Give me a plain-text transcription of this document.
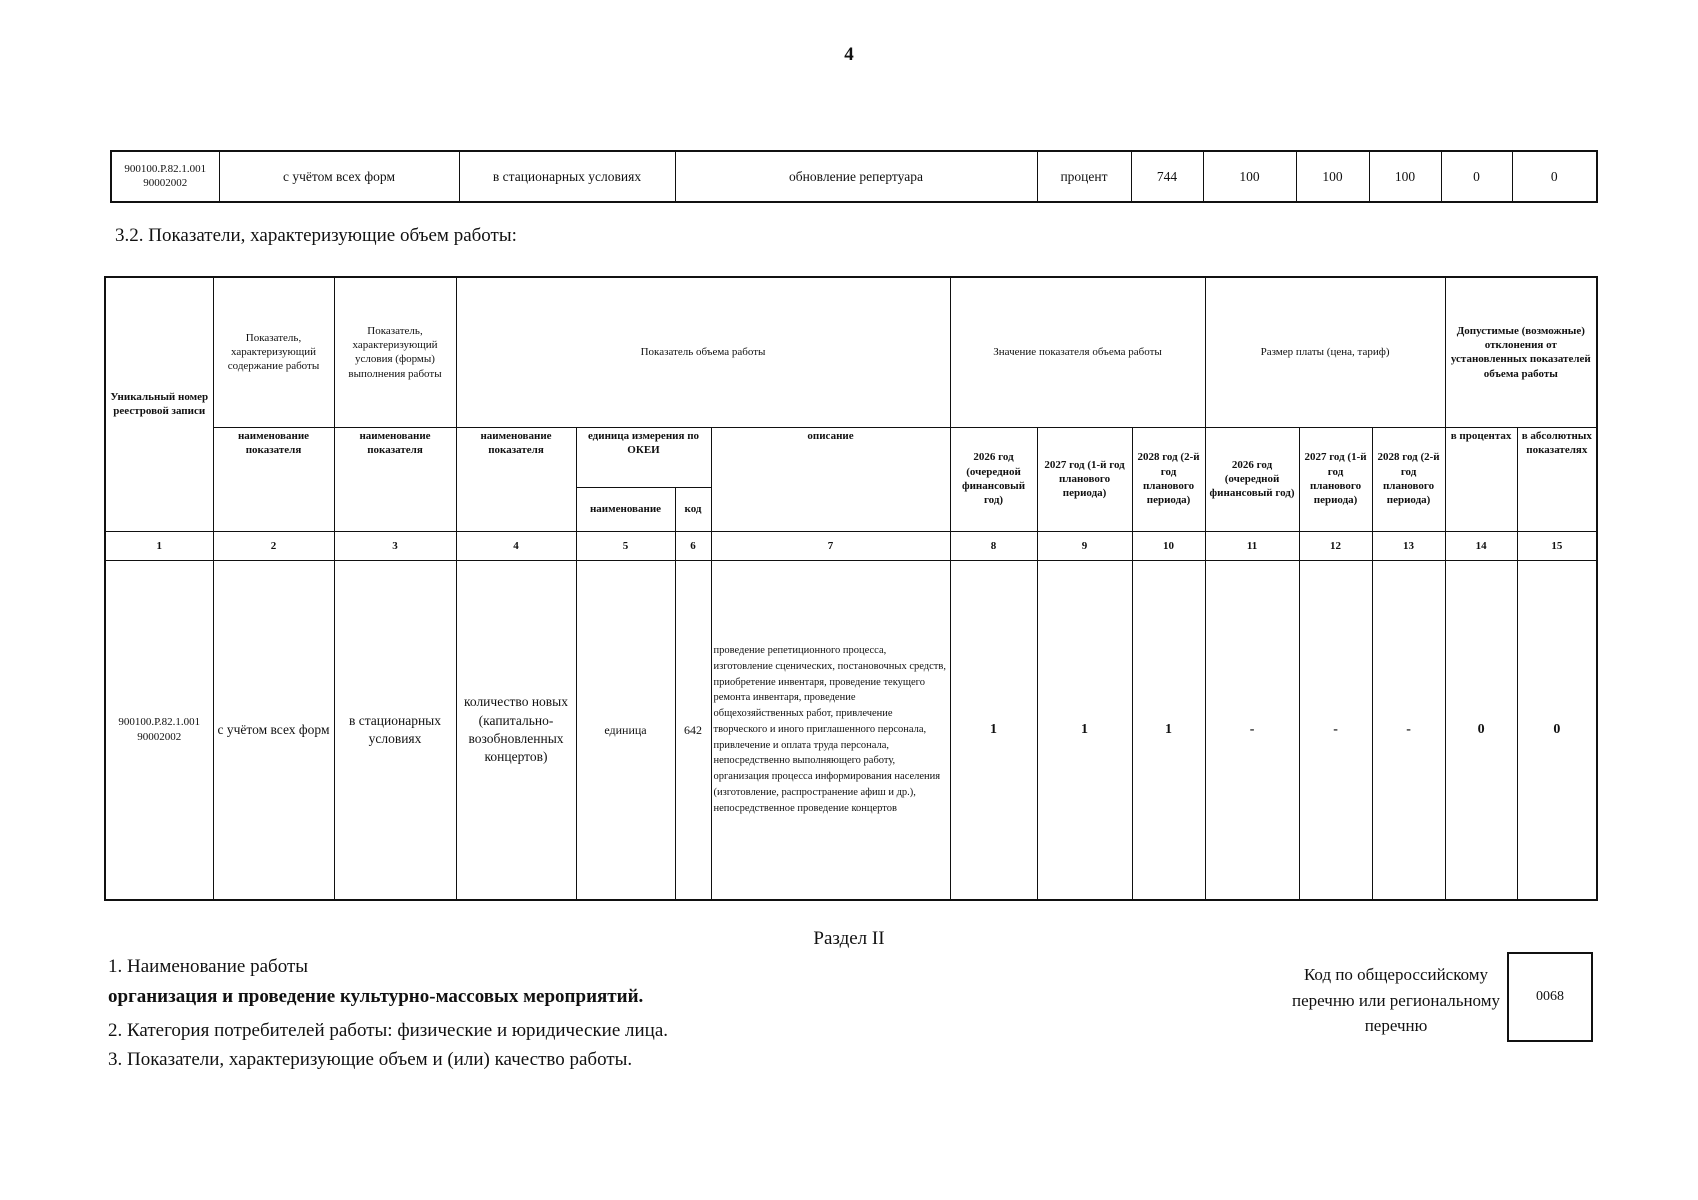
4
900100.Р.82.1.001 90002002	с учётом всех форм	в стационарных условиях	обновление репертуара	процент	744	100	100	100	0	0
3.2. Показатели, характеризующие объем работы:
Уникальный номер реестровой записи	Показатель, характеризующий содержание работы	Показатель, характеризующий условия (формы) выполнения работы	Показатель объема работы				Значение показателя объема работы			Размер платы (цена, тариф)			Допустимые (возможные) отклонения от установленных показателей объема работы	
	наименование показателя	наименование показателя	наименование показателя	единица измерения по ОКЕИ		описание	2026 год (очередной финансовый год)	2027 год (1-й год планового периода)	2028 год (2-й год планового периода)	2026 год (очередной финансовый год)	2027 год (1-й год планового периода)	2028 год (2-й год планового периода)	в процентах	в абсолютных показателях
				наименование	код									
1	2	3	4	5	6	7	8	9	10	11	12	13	14	15
900100.Р.82.1.001 90002002	с учётом всех форм	в стационарных условиях	количество новых (капитально-возобновленных концертов)	единица	642	проведение репетиционного процесса, изготовление сценических, постановочных средств, приобретение инвентаря, проведение текущего ремонта инвентаря, проведение общехозяйственных работ, привлечение творческого и иного приглашенного персонала, привлечение и оплата труда персонала, непосредственно выполняющего работу, организация процесса информирования населения (изготовление, распространение афиш и др.), непосредственное проведение концертов	1	1	1	-	-	-	0	0
Раздел II
1. Наименование работы
организация и проведение культурно-массовых мероприятий.
2. Категория потребителей работы: физические и юридические лица.
3. Показатели, характеризующие объем и (или) качество работы.
Код по общероссийскому перечню или региональному перечню
0068
